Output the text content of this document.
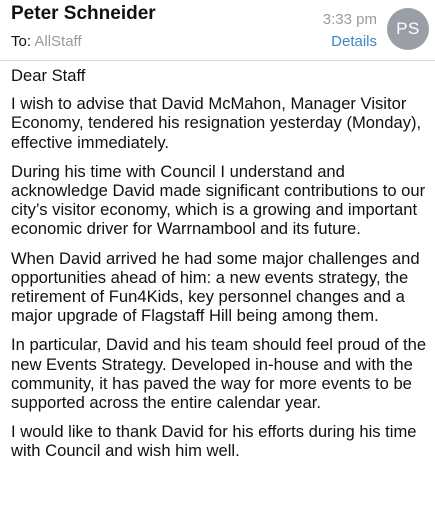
Peter Schneider
To: AllStaff
3:33 pm
Details
PS

Dear Staff

I wish to advise that David McMahon, Manager Visitor Economy, tendered his resignation yesterday (Monday), effective immediately.

During his time with Council I understand and acknowledge David made significant contributions to our city’s visitor economy, which is a growing and important economic driver for Warrnambool and its future.

When David arrived he had some major challenges and opportunities ahead of him: a new events strategy, the retirement of Fun4Kids, key personnel changes and a major upgrade of Flagstaff Hill being among them.

In particular, David and his team should feel proud of the new Events Strategy. Developed in-house and with the community, it has paved the way for more events to be supported across the entire calendar year.

I would like to thank David for his efforts during his time with Council and wish him well.
